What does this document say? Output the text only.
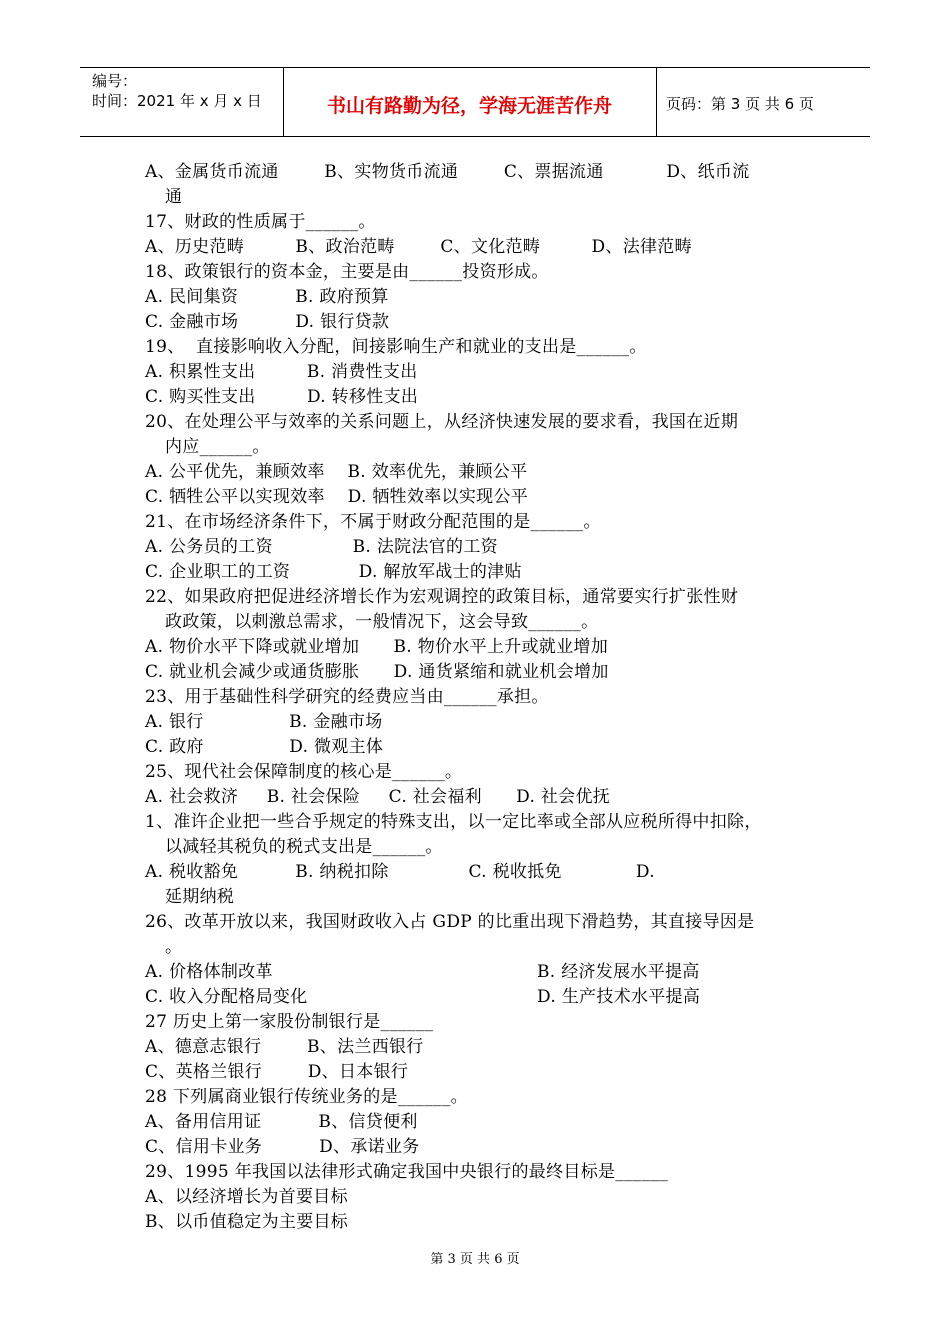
编号：
时间：2021 年 x 月 x 日	书山有路勤为径，学海无涯苦作舟	页码：第 3 页 共 6 页
A、金属货币流通        B、实物货币流通        C、票据流通           D、纸币流
通
17、财政的性质属于______。
A、历史范畴         B、政治范畴        C、文化范畴         D、法律范畴
18、政策银行的资本金，主要是由______投资形成。
A. 民间集资          B. 政府预算
C. 金融市场          D. 银行贷款
19、  直接影响收入分配，间接影响生产和就业的支出是______。
A. 积累性支出         B. 消费性支出
C. 购买性支出         D. 转移性支出
20、在处理公平与效率的关系问题上，从经济快速发展的要求看，我国在近期
内应______。
A. 公平优先，兼顾效率    B. 效率优先，兼顾公平
C. 牺牲公平以实现效率    D. 牺牲效率以实现公平
21、在市场经济条件下，不属于财政分配范围的是______。
A. 公务员的工资              B. 法院法官的工资
C. 企业职工的工资            D. 解放军战士的津贴
22、如果政府把促进经济增长作为宏观调控的政策目标，通常要实行扩张性财
政政策，以刺激总需求，一般情况下，这会导致______。
A. 物价水平下降或就业增加      B. 物价水平上升或就业增加
C. 就业机会减少或通货膨胀      D. 通货紧缩和就业机会增加
23、用于基础性科学研究的经费应当由______承担。
A. 银行               B. 金融市场
C. 政府               D. 微观主体
25、现代社会保障制度的核心是______。
A. 社会救济     B. 社会保险     C. 社会福利      D. 社会优抚
1、准许企业把一些合乎规定的特殊支出，以一定比率或全部从应税所得中扣除，
以减轻其税负的税式支出是______。
A. 税收豁免          B. 纳税扣除              C. 税收抵免             D.
延期纳税
26、改革开放以来，我国财政收入占 GDP 的比重出现下滑趋势，其直接导因是
。
A. 价格体制改革	B. 经济发展水平提高
C. 收入分配格局变化	D. 生产技术水平提高
27 历史上第一家股份制银行是______
A、德意志银行        B、法兰西银行
C、英格兰银行        D、日本银行
28 下列属商业银行传统业务的是______。
A、备用信用证          B、信贷便利
C、信用卡业务          D、承诺业务
29、1995 年我国以法律形式确定我国中央银行的最终目标是______
A、以经济增长为首要目标
B、以币值稳定为主要目标
第 3 页 共 6 页
